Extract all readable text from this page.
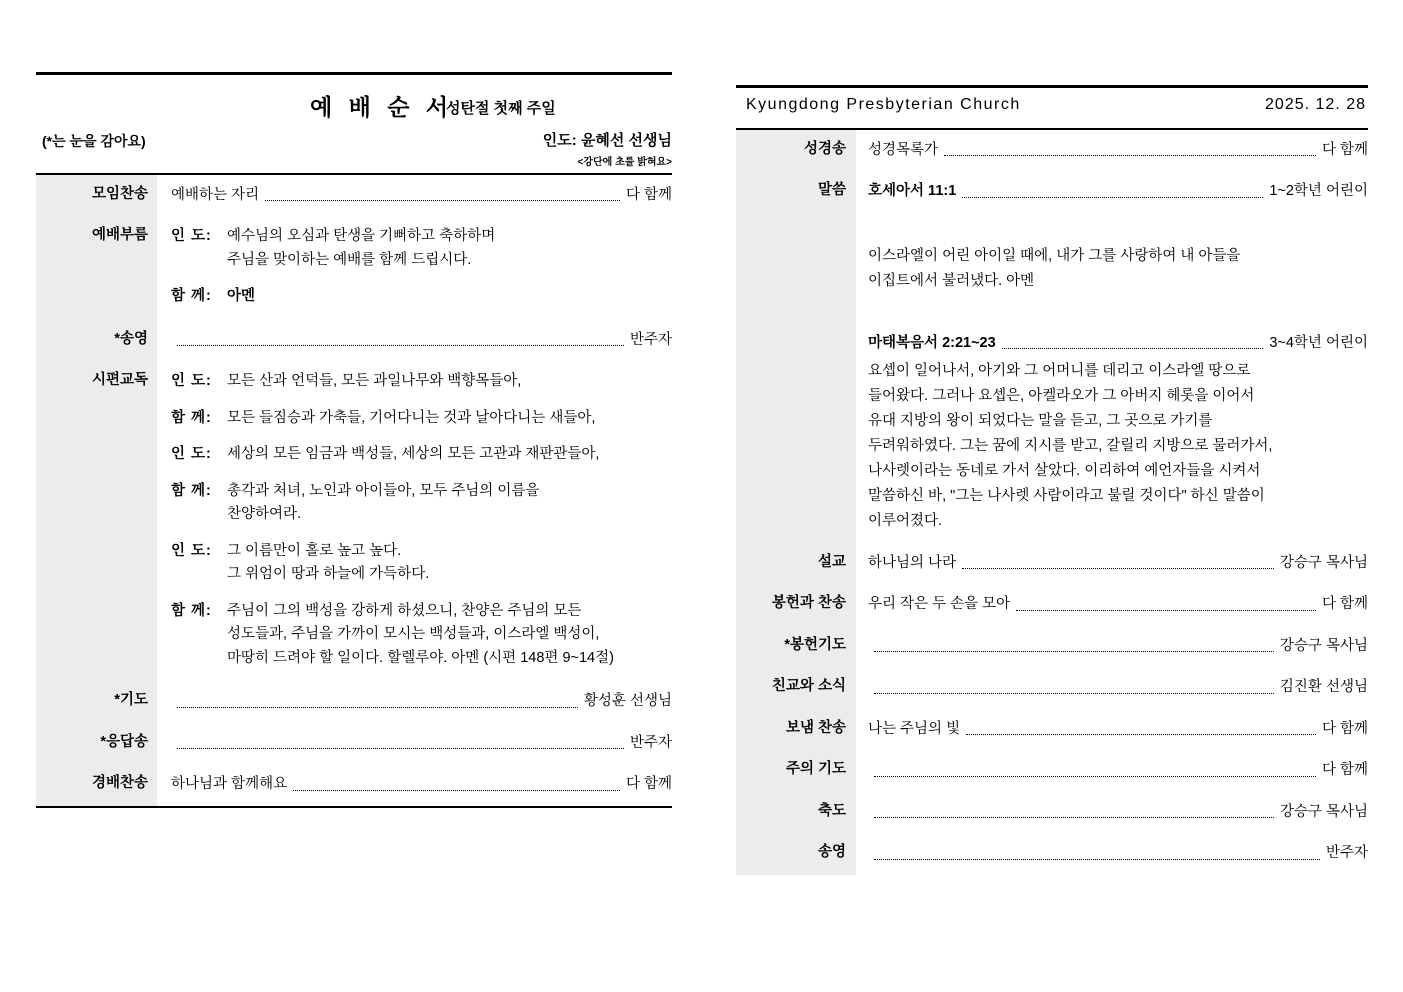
예 배 순 서
성탄절 첫째 주일
(*는 눈을 감아요)	인도: 윤혜선 선생님
<강단에 초를 밝혀요>
모임찬송	예배하는 자리 다 함께

예배부름	인 도: 예수님의 오심과 탄생을 기뻐하고 축하하며
주님을 맞이하는 예배를 함께 드립시다.
함 께: 아멘

*송영	반주자

시편교독	인 도:	모든 산과 언덕들, 모든 과일나무와 백향목들아,
함 께:	모든 들짐승과 가축들, 기어다니는 것과 날아다니는 새들아,
인 도:	세상의 모든 임금과 백성들, 세상의 모든 고관과 재판관들아,
함 께:	총각과 처녀, 노인과 아이들아, 모두 주님의 이름을
찬양하여라.
인 도:	그 이름만이 홀로 높고 높다.
그 위엄이 땅과 하늘에 가득하다.
함 께:	주님이 그의 백성을 강하게 하셨으니, 찬양은 주님의 모든
성도들과, 주님을 가까이 모시는 백성들과, 이스라엘 백성이,
마땅히 드려야 할 일이다. 할렐루야. 아멘 (시편 148편 9~14절)

*기도	황성훈 선생님

*응답송	반주자

경배찬송	하나님과 함께해요 다 함께
Kyungdong Presbyterian Church	2025. 12. 28
성경송	성경목록가 다 함께

말씀	호세아서 11:1	1~2학년 어린이
이스라엘이 어린 아이일 때에, 내가 그를 사랑하여 내 아들을
이집트에서 불러냈다. 아멘
마태복음서 2:21~23	3~4학년 어린이
요셉이 일어나서, 아기와 그 어머니를 데리고 이스라엘 땅으로
들어왔다. 그러나 요셉은, 아켈라오가 그 아버지 헤롯을 이어서
유대 지방의 왕이 되었다는 말을 듣고, 그 곳으로 가기를
두려워하였다. 그는 꿈에 지시를 받고, 갈릴리 지방으로 물러가서,
나사렛이라는 동네로 가서 살았다. 이리하여 예언자들을 시켜서
말씀하신 바, "그는 나사렛 사람이라고 불릴 것이다" 하신 말씀이
이루어졌다.

설교	하나님의 나라 강승구 목사님

봉헌과 찬송	우리 작은 두 손을 모아 다 함께

*봉헌기도	강승구 목사님

친교와 소식	김진환 선생님

보냄 찬송	나는 주님의 빛 다 함께

주의 기도	다 함께

축도	강승구 목사님

송영	반주자
